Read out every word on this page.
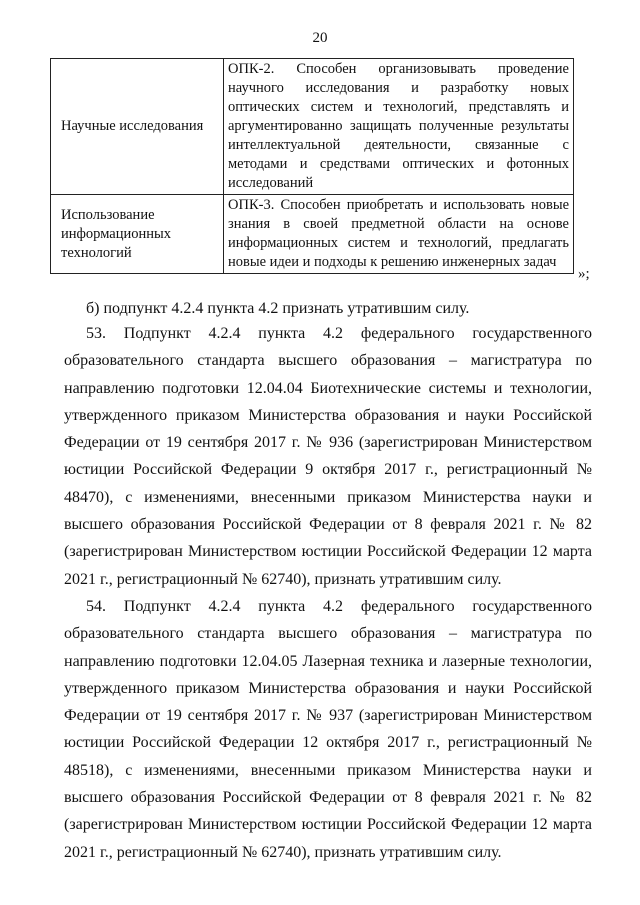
20
Научные исследования	ОПК-2. Способен организовывать проведение научного исследования и разработку новых оптических систем и технологий, представлять и аргументированно защищать полученные результаты интеллектуальной деятельности, связанные с методами и средствами оптических и фотонных исследований
Использование информационных технологий	ОПК-3. Способен приобретать и использовать новые знания в своей предметной области на основе информационных систем и технологий, предлагать новые идеи и подходы к решению инженерных задач
»;

б) подпункт 4.2.4 пункта 4.2 признать утратившим силу.

53. Подпункт 4.2.4 пункта 4.2 федерального государственного образовательного стандарта высшего образования – магистратура по направлению подготовки 12.04.04 Биотехнические системы и технологии, утвержденного приказом Министерства образования и науки Российской Федерации от 19 сентября 2017 г. № 936 (зарегистрирован Министерством юстиции Российской Федерации 9 октября 2017 г., регистрационный № 48470), с изменениями, внесенными приказом Министерства науки и высшего образования Российской Федерации от 8 февраля 2021 г. № 82 (зарегистрирован Министерством юстиции Российской Федерации 12 марта 2021 г., регистрационный № 62740), признать утратившим силу.

54. Подпункт 4.2.4 пункта 4.2 федерального государственного образовательного стандарта высшего образования – магистратура по направлению подготовки 12.04.05 Лазерная техника и лазерные технологии, утвержденного приказом Министерства образования и науки Российской Федерации от 19 сентября 2017 г. № 937 (зарегистрирован Министерством юстиции Российской Федерации 12 октября 2017 г., регистрационный № 48518), с изменениями, внесенными приказом Министерства науки и высшего образования Российской Федерации от 8 февраля 2021 г. № 82 (зарегистрирован Министерством юстиции Российской Федерации 12 марта 2021 г., регистрационный № 62740), признать утратившим силу.
